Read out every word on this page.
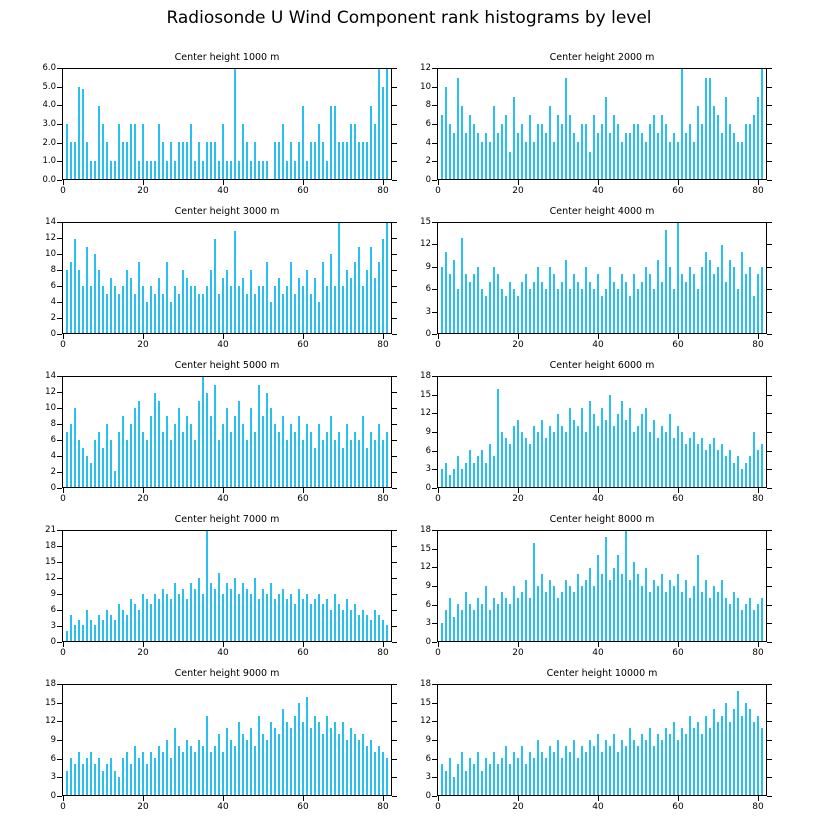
Radiosonde U Wind Component rank histograms by level
Center height 1000 m
0.0
1.0
2.0
3.0
4.0
5.0
6.0
0	20	40	60	80
Center height 2000 m
0
2
4
6
8
10
12
0	20	40	60	80
Center height 3000 m
0
2
4
6
8
10
12
14
0	20	40	60	80
Center height 4000 m
0
3
6
9
12
15
0	20	40	60	80
Center height 5000 m
0
2
4
6
8
10
12
14
0	20	40	60	80
Center height 6000 m
0
3
6
9
12
15
18
0	20	40	60	80
Center height 7000 m
0
3
6
9
12
15
18
21
0	20	40	60	80
Center height 8000 m
0
3
6
9
12
15
18
0	20	40	60	80
Center height 9000 m
0
3
6
9
12
15
18
0	20	40	60	80
Center height 10000 m
0
3
6
9
12
15
18
0	20	40	60	80
